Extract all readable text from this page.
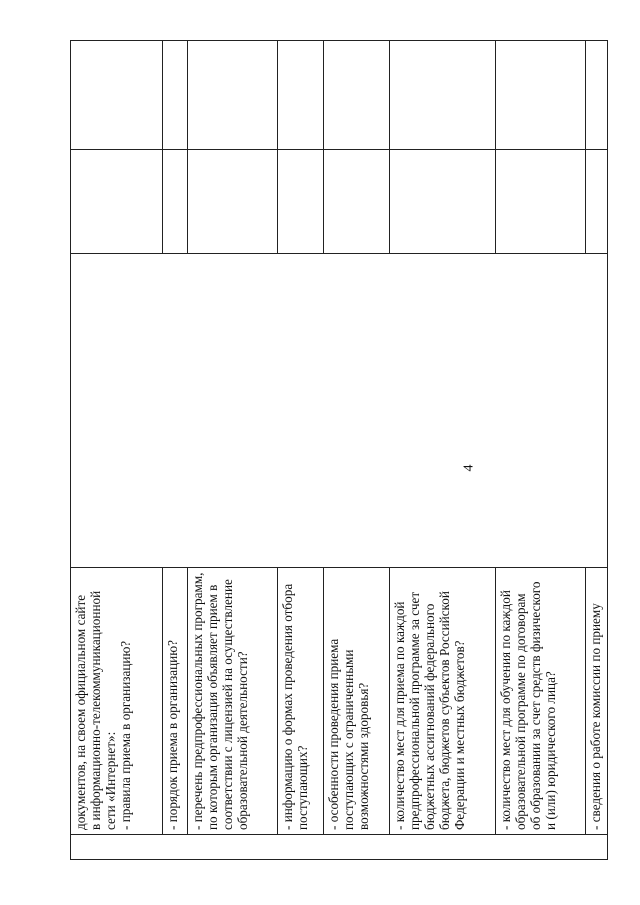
4

	документов, на своем официальном сайте в информационно-телекоммуникационной сети «Интернет»: - правила приема в организацию?			

	- порядок приема в организацию?			

	- перечень предпрофессиональных программ, по которым организация объявляет прием в соответствии с лицензией на осуществление образовательной деятельности?			

	- информацию о формах проведения отбора поступающих?			

	- особенности проведения приема поступающих с ограниченными возможностями здоровья?			

	- количество мест для приема по каждой предпрофессиональной программе за счет бюджетных ассигнований федерального бюджета, бюджетов субъектов Российской Федерации и местных бюджетов?			

	- количество мест для обучения по каждой образовательной программе по договорам об образовании за счет средств физического и (или) юридического лица?			

	- сведения о работе комиссии по приему			
